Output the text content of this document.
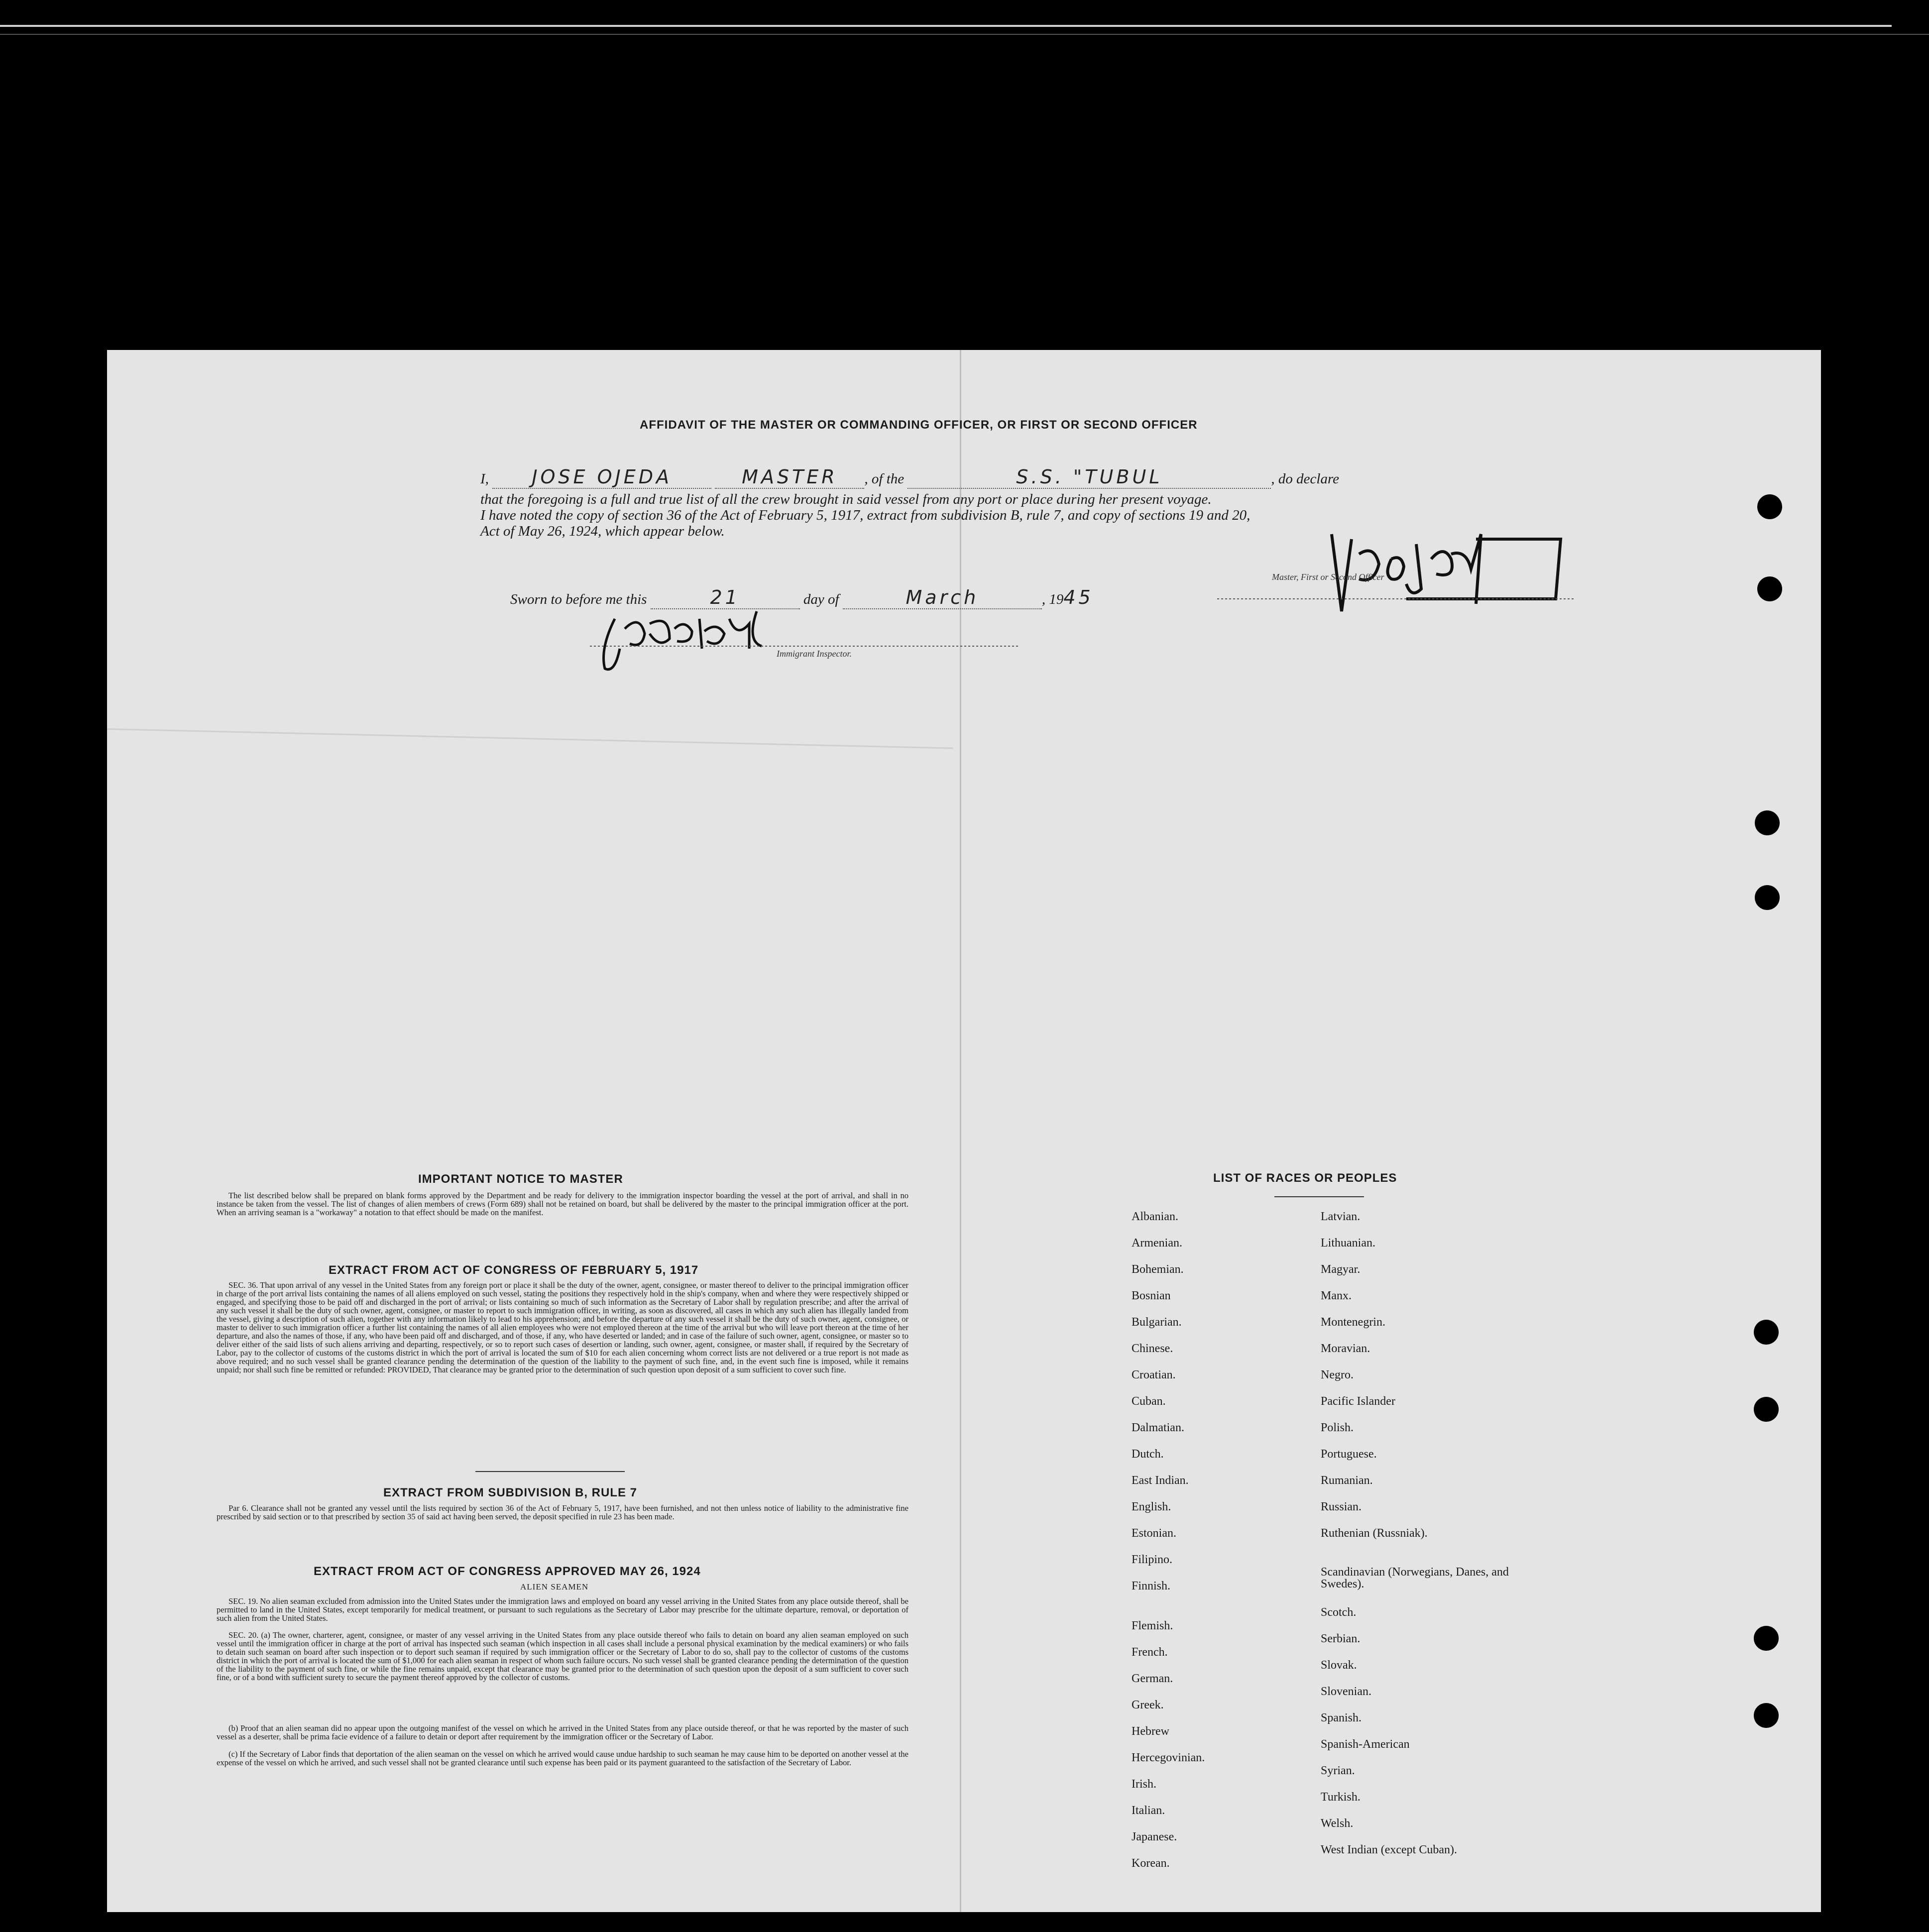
AFFIDAVIT OF THE MASTER OR COMMANDING OFFICER, OR FIRST OR SECOND OFFICER
I, JOSE OJEDA	MASTER , of the	S.S. "TUBUL	, do declare
that the foregoing is a full and true list of all the crew brought in said vessel from any port or place during her present voyage.
I have noted the copy of section 36 of the Act of February 5, 1917, extract from subdivision B, rule 7, and copy of sections 19 and 20,
Act of May 26, 1924, which appear below.
Master, First or Second Officer
Sworn to before me this	21	day of	March	, 1945
Immigrant Inspector.
IMPORTANT NOTICE TO MASTER
The list described below shall be prepared on blank forms approved by the Department and be ready for delivery to the immigration inspector boarding the vessel at the port of arrival, and shall in no instance be taken from the vessel. The list of changes of alien members of crews (Form 689) shall not be retained on board, but shall be delivered by the master to the principal immigration officer at the port. When an arriving seaman is a "workaway" a notation to that effect should be made on the manifest.
EXTRACT FROM ACT OF CONGRESS OF FEBRUARY 5, 1917
SEC. 36. That upon arrival of any vessel in the United States from any foreign port or place it shall be the duty of the owner, agent, consignee, or master thereof to deliver to the principal immigration officer in charge of the port arrival lists containing the names of all aliens employed on such vessel, stating the positions they respectively hold in the ship's company, when and where they were respectively shipped or engaged, and specifying those to be paid off and discharged in the port of arrival; or lists containing so much of such information as the Secretary of Labor shall by regulation prescribe; and after the arrival of any such vessel it shall be the duty of such owner, agent, consignee, or master to report to such immigration officer, in writing, as soon as discovered, all cases in which any such alien has illegally landed from the vessel, giving a description of such alien, together with any information likely to lead to his apprehension; and before the departure of any such vessel it shall be the duty of such owner, agent, consignee, or master to deliver to such immigration officer a further list containing the names of all alien employees who were not employed thereon at the time of the arrival but who will leave port thereon at the time of her departure, and also the names of those, if any, who have been paid off and discharged, and of those, if any, who have deserted or landed; and in case of the failure of such owner, agent, consignee, or master so to deliver either of the said lists of such aliens arriving and departing, respectively, or so to report such cases of desertion or landing, such owner, agent, consignee, or master shall, if required by the Secretary of Labor, pay to the collector of customs of the customs district in which the port of arrival is located the sum of $10 for each alien concerning whom correct lists are not delivered or a true report is not made as above required; and no such vessel shall be granted clearance pending the determination of the question of the liability to the payment of such fine, and, in the event such fine is imposed, while it remains unpaid; nor shall such fine be remitted or refunded: PROVIDED, That clearance may be granted prior to the determination of such question upon deposit of a sum sufficient to cover such fine.
EXTRACT FROM SUBDIVISION B, RULE 7
Par 6. Clearance shall not be granted any vessel until the lists required by section 36 of the Act of February 5, 1917, have been furnished, and not then unless notice of liability to the administrative fine prescribed by said section or to that prescribed by section 35 of said act having been served, the deposit specified in rule 23 has been made.
EXTRACT FROM ACT OF CONGRESS APPROVED MAY 26, 1924
ALIEN SEAMEN
SEC. 19. No alien seaman excluded from admission into the United States under the immigration laws and employed on board any vessel arriving in the United States from any place outside thereof, shall be permitted to land in the United States, except temporarily for medical treatment, or pursuant to such regulations as the Secretary of Labor may prescribe for the ultimate departure, removal, or deportation of such alien from the United States.
SEC. 20. (a) The owner, charterer, agent, consignee, or master of any vessel arriving in the United States from any place outside thereof who fails to detain on board any alien seaman employed on such vessel until the immigration officer in charge at the port of arrival has inspected such seaman (which inspection in all cases shall include a personal physical examination by the medical examiners) or who fails to detain such seaman on board after such inspection or to deport such seaman if required by such immigration officer or the Secretary of Labor to do so, shall pay to the collector of customs of the customs district in which the port of arrival is located the sum of $1,000 for each alien seaman in respect of whom such failure occurs. No such vessel shall be granted clearance pending the determination of the question of the liability to the payment of such fine, or while the fine remains unpaid, except that clearance may be granted prior to the determination of such question upon the deposit of a sum sufficient to cover such fine, or of a bond with sufficient surety to secure the payment thereof approved by the collector of customs.
(b) Proof that an alien seaman did no appear upon the outgoing manifest of the vessel on which he arrived in the United States from any place outside thereof, or that he was reported by the master of such vessel as a deserter, shall be prima facie evidence of a failure to detain or deport after requirement by the immigration officer or the Secretary of Labor.
(c) If the Secretary of Labor finds that deportation of the alien seaman on the vessel on which he arrived would cause undue hardship to such seaman he may cause him to be deported on another vessel at the expense of the vessel on which he arrived, and such vessel shall not be granted clearance until such expense has been paid or its payment guaranteed to the satisfaction of the Secretary of Labor.
LIST OF RACES OR PEOPLES
Albanian.
Armenian.
Bohemian.
Bosnian
Bulgarian.
Chinese.
Croatian.
Cuban.
Dalmatian.
Dutch.
East Indian.
English.
Estonian.
Filipino.
Finnish.
Flemish.
French.
German.
Greek.
Hebrew
Hercegovinian.
Irish.
Italian.
Japanese.
Korean.
Latvian.
Lithuanian.
Magyar.
Manx.
Montenegrin.
Moravian.
Negro.
Pacific Islander
Polish.
Portuguese.
Rumanian.
Russian.
Ruthenian (Russniak).
Scandinavian (Norwegians, Danes, and Swedes).
Scotch.
Serbian.
Slovak.
Slovenian.
Spanish.
Spanish-American
Syrian.
Turkish.
Welsh.
West Indian (except Cuban).
